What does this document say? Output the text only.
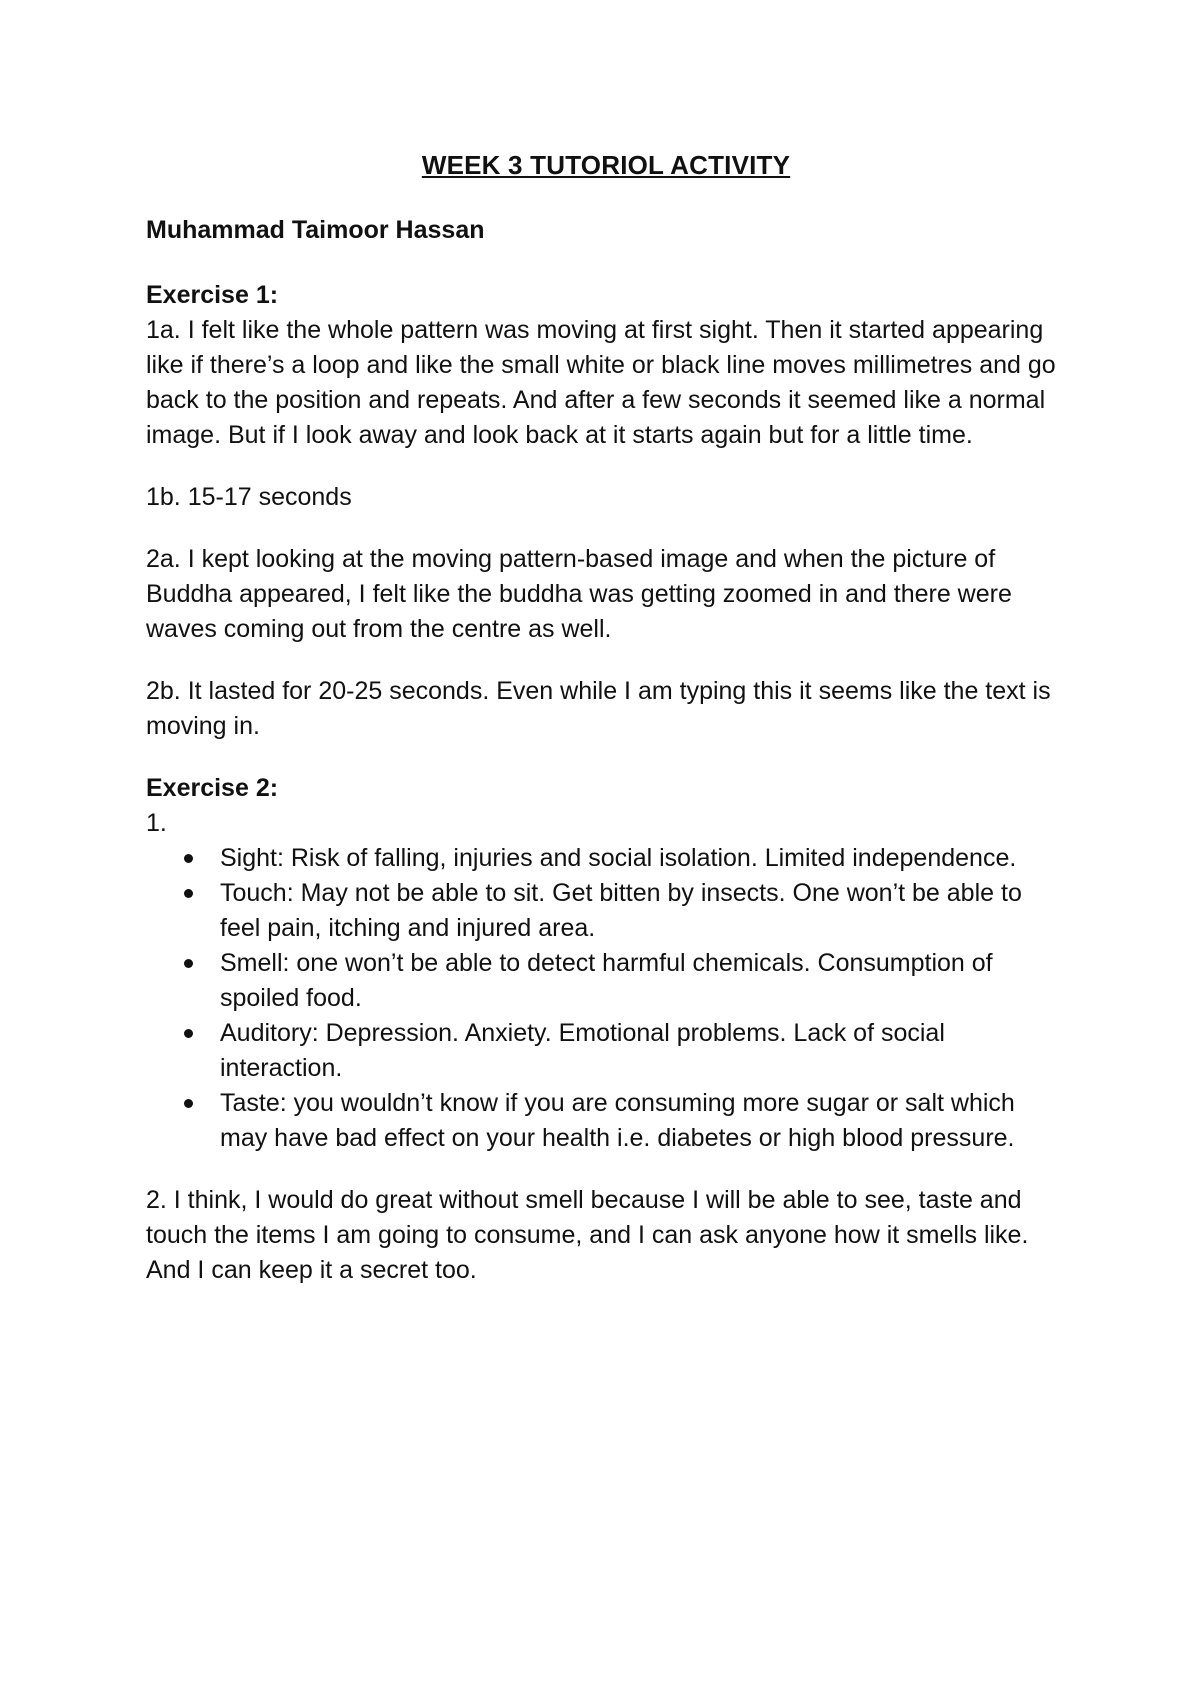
WEEK 3 TUTORIOL ACTIVITY

Muhammad Taimoor Hassan

Exercise 1:

1a. I felt like the whole pattern was moving at first sight. Then it started appearing like if there’s a loop and like the small white or black line moves millimetres and go back to the position and repeats. And after a few seconds it seemed like a normal image. But if I look away and look back at it starts again but for a little time.

1b. 15-17 seconds

2a. I kept looking at the moving pattern-based image and when the picture of Buddha appeared, I felt like the buddha was getting zoomed in and there were waves coming out from the centre as well.

2b. It lasted for 20-25 seconds. Even while I am typing this it seems like the text is moving in.

Exercise 2:

1.

Sight: Risk of falling, injuries and social isolation. Limited independence.
Touch: May not be able to sit. Get bitten by insects. One won’t be able to feel pain, itching and injured area.
Smell: one won’t be able to detect harmful chemicals. Consumption of spoiled food.
Auditory: Depression. Anxiety. Emotional problems. Lack of social interaction.
Taste: you wouldn’t know if you are consuming more sugar or salt which may have bad effect on your health i.e. diabetes or high blood pressure.

2. I think, I would do great without smell because I will be able to see, taste and touch the items I am going to consume, and I can ask anyone how it smells like. And I can keep it a secret too.
